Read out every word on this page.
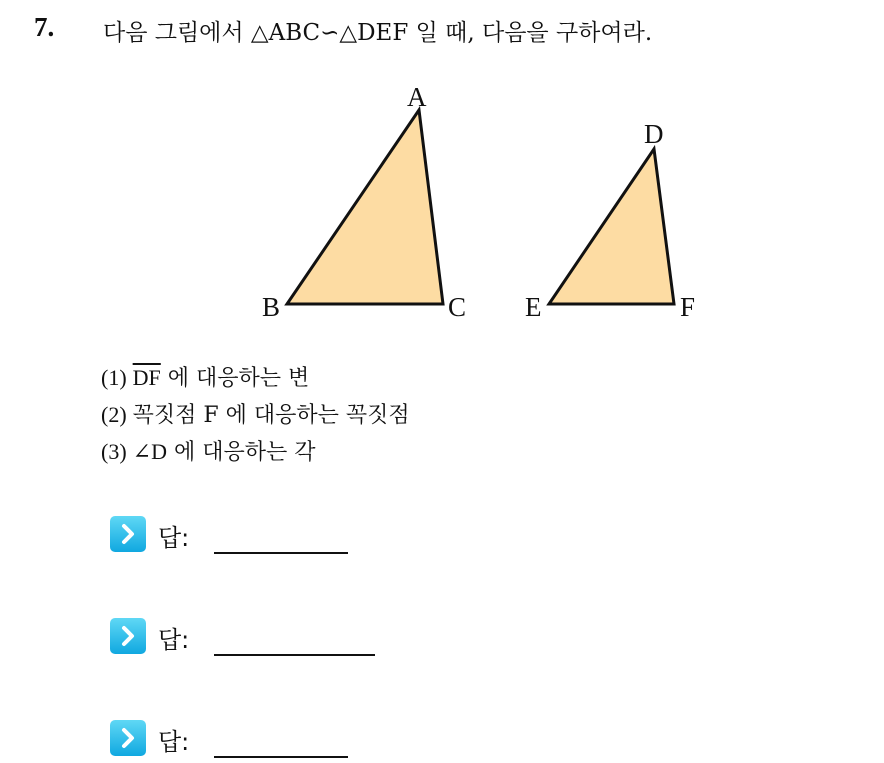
7. 다음 그림에서 △ABC∽△DEF 일 때, 다음을 구하여라.
A
B	C
D
E	F
(1) $\overline{DF}$ 에 대응하는 변
(2) 꼭짓점 F 에 대응하는 꼭짓점
(3) ∠D 에 대응하는 각
답:
답:
답:
